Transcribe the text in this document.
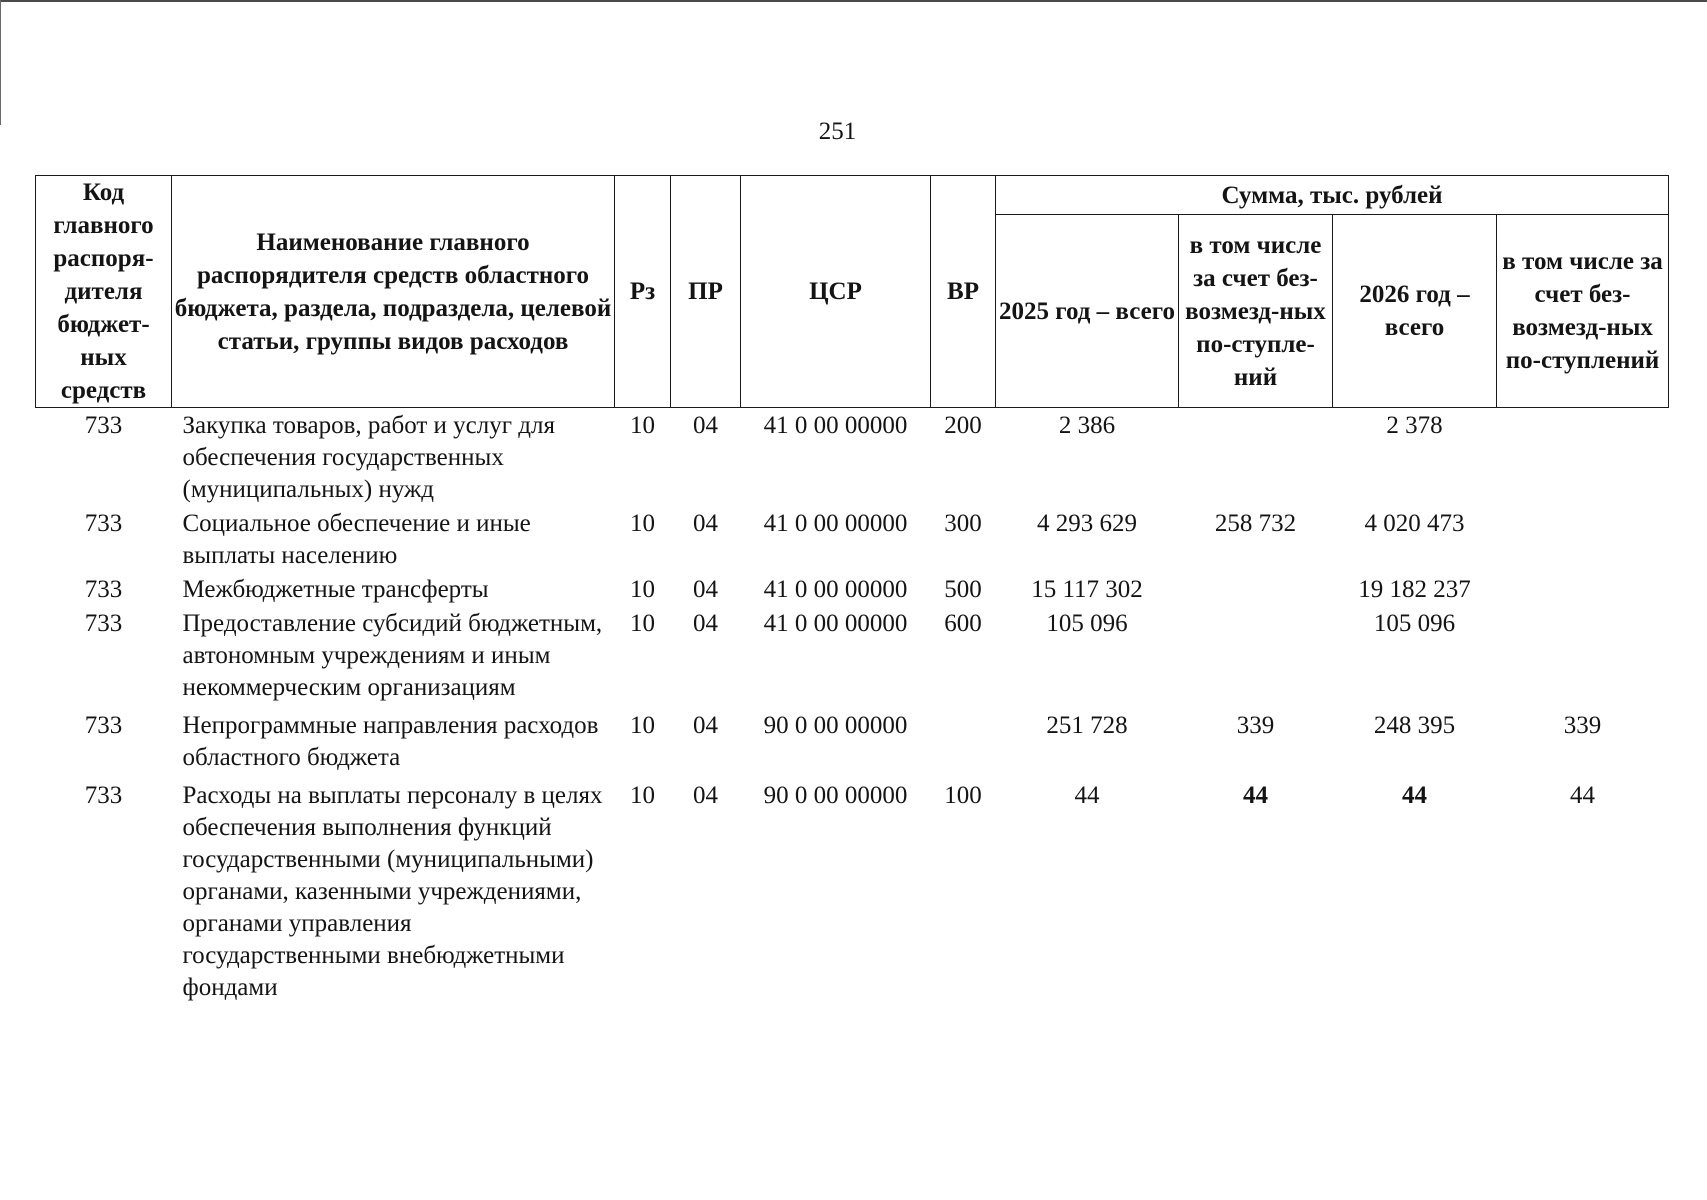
251
Код главного распоря-дителя бюджет-ных средств	Наименование главного распорядителя средств областного бюджета, раздела, подраздела, целевой статьи, группы видов расходов	Рз	ПР	ЦСР	ВР	Сумма, тыс. рублей			
						2025 год – всего	в том числе за счет без-возмезд-ных по-ступле-ний	2026 год – всего	в том числе за счет без-возмезд-ных по-ступлений
733	Закупка товаров, работ и услуг для обеспечения государственных (муниципальных) нужд	10	04	41 0 00 00000	200	2 386		2 378	
733	Социальное обеспечение и иные выплаты населению	10	04	41 0 00 00000	300	4 293 629	258 732	4 020 473	
733	Межбюджетные трансферты	10	04	41 0 00 00000	500	15 117 302		19 182 237	
733	Предоставление субсидий бюджетным, автономным учреждениям и иным некоммерческим организациям	10	04	41 0 00 00000	600	105 096		105 096	
733	Непрограммные направления расходов областного бюджета	10	04	90 0 00 00000		251 728	339	248 395	339
733	Расходы на выплаты персоналу в целях обеспечения выполнения функций государственными (муниципальными) органами, казенными учреждениями, органами управления государственными внебюджетными фондами	10	04	90 0 00 00000	100	44	44	44	44
